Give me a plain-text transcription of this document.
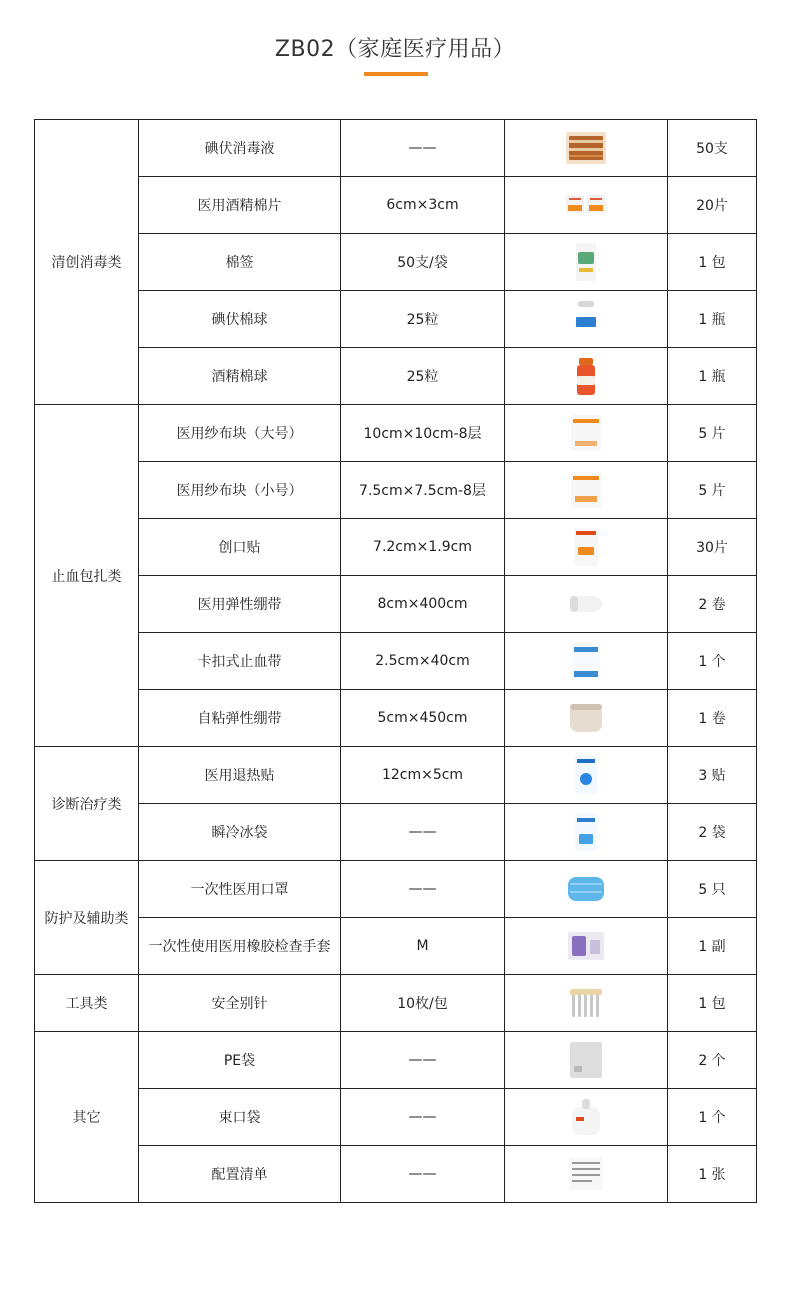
ZB02（家庭医疗用品）
清创消毒类	碘伏消毒液	——		50支
	医用酒精棉片	6cm×3cm		20片
	棉签	50支/袋		1 包
	碘伏棉球	25粒		1 瓶
	酒精棉球	25粒		1 瓶
止血包扎类	医用纱布块（大号）	10cm×10cm-8层		5 片
	医用纱布块（小号）	7.5cm×7.5cm-8层		5 片
	创口贴	7.2cm×1.9cm		30片
	医用弹性绷带	8cm×400cm		2 卷
	卡扣式止血带	2.5cm×40cm		1 个
	自粘弹性绷带	5cm×450cm		1 卷
诊断治疗类	医用退热贴	12cm×5cm		3 贴
	瞬冷冰袋	——		2 袋
防护及辅助类	一次性医用口罩	——		5 只
	一次性使用医用橡胶检查手套	M		1 副
工具类	安全别针	10枚/包		1 包
其它	PE袋	——		2 个
	束口袋	——		1 个
	配置清单	——		1 张
